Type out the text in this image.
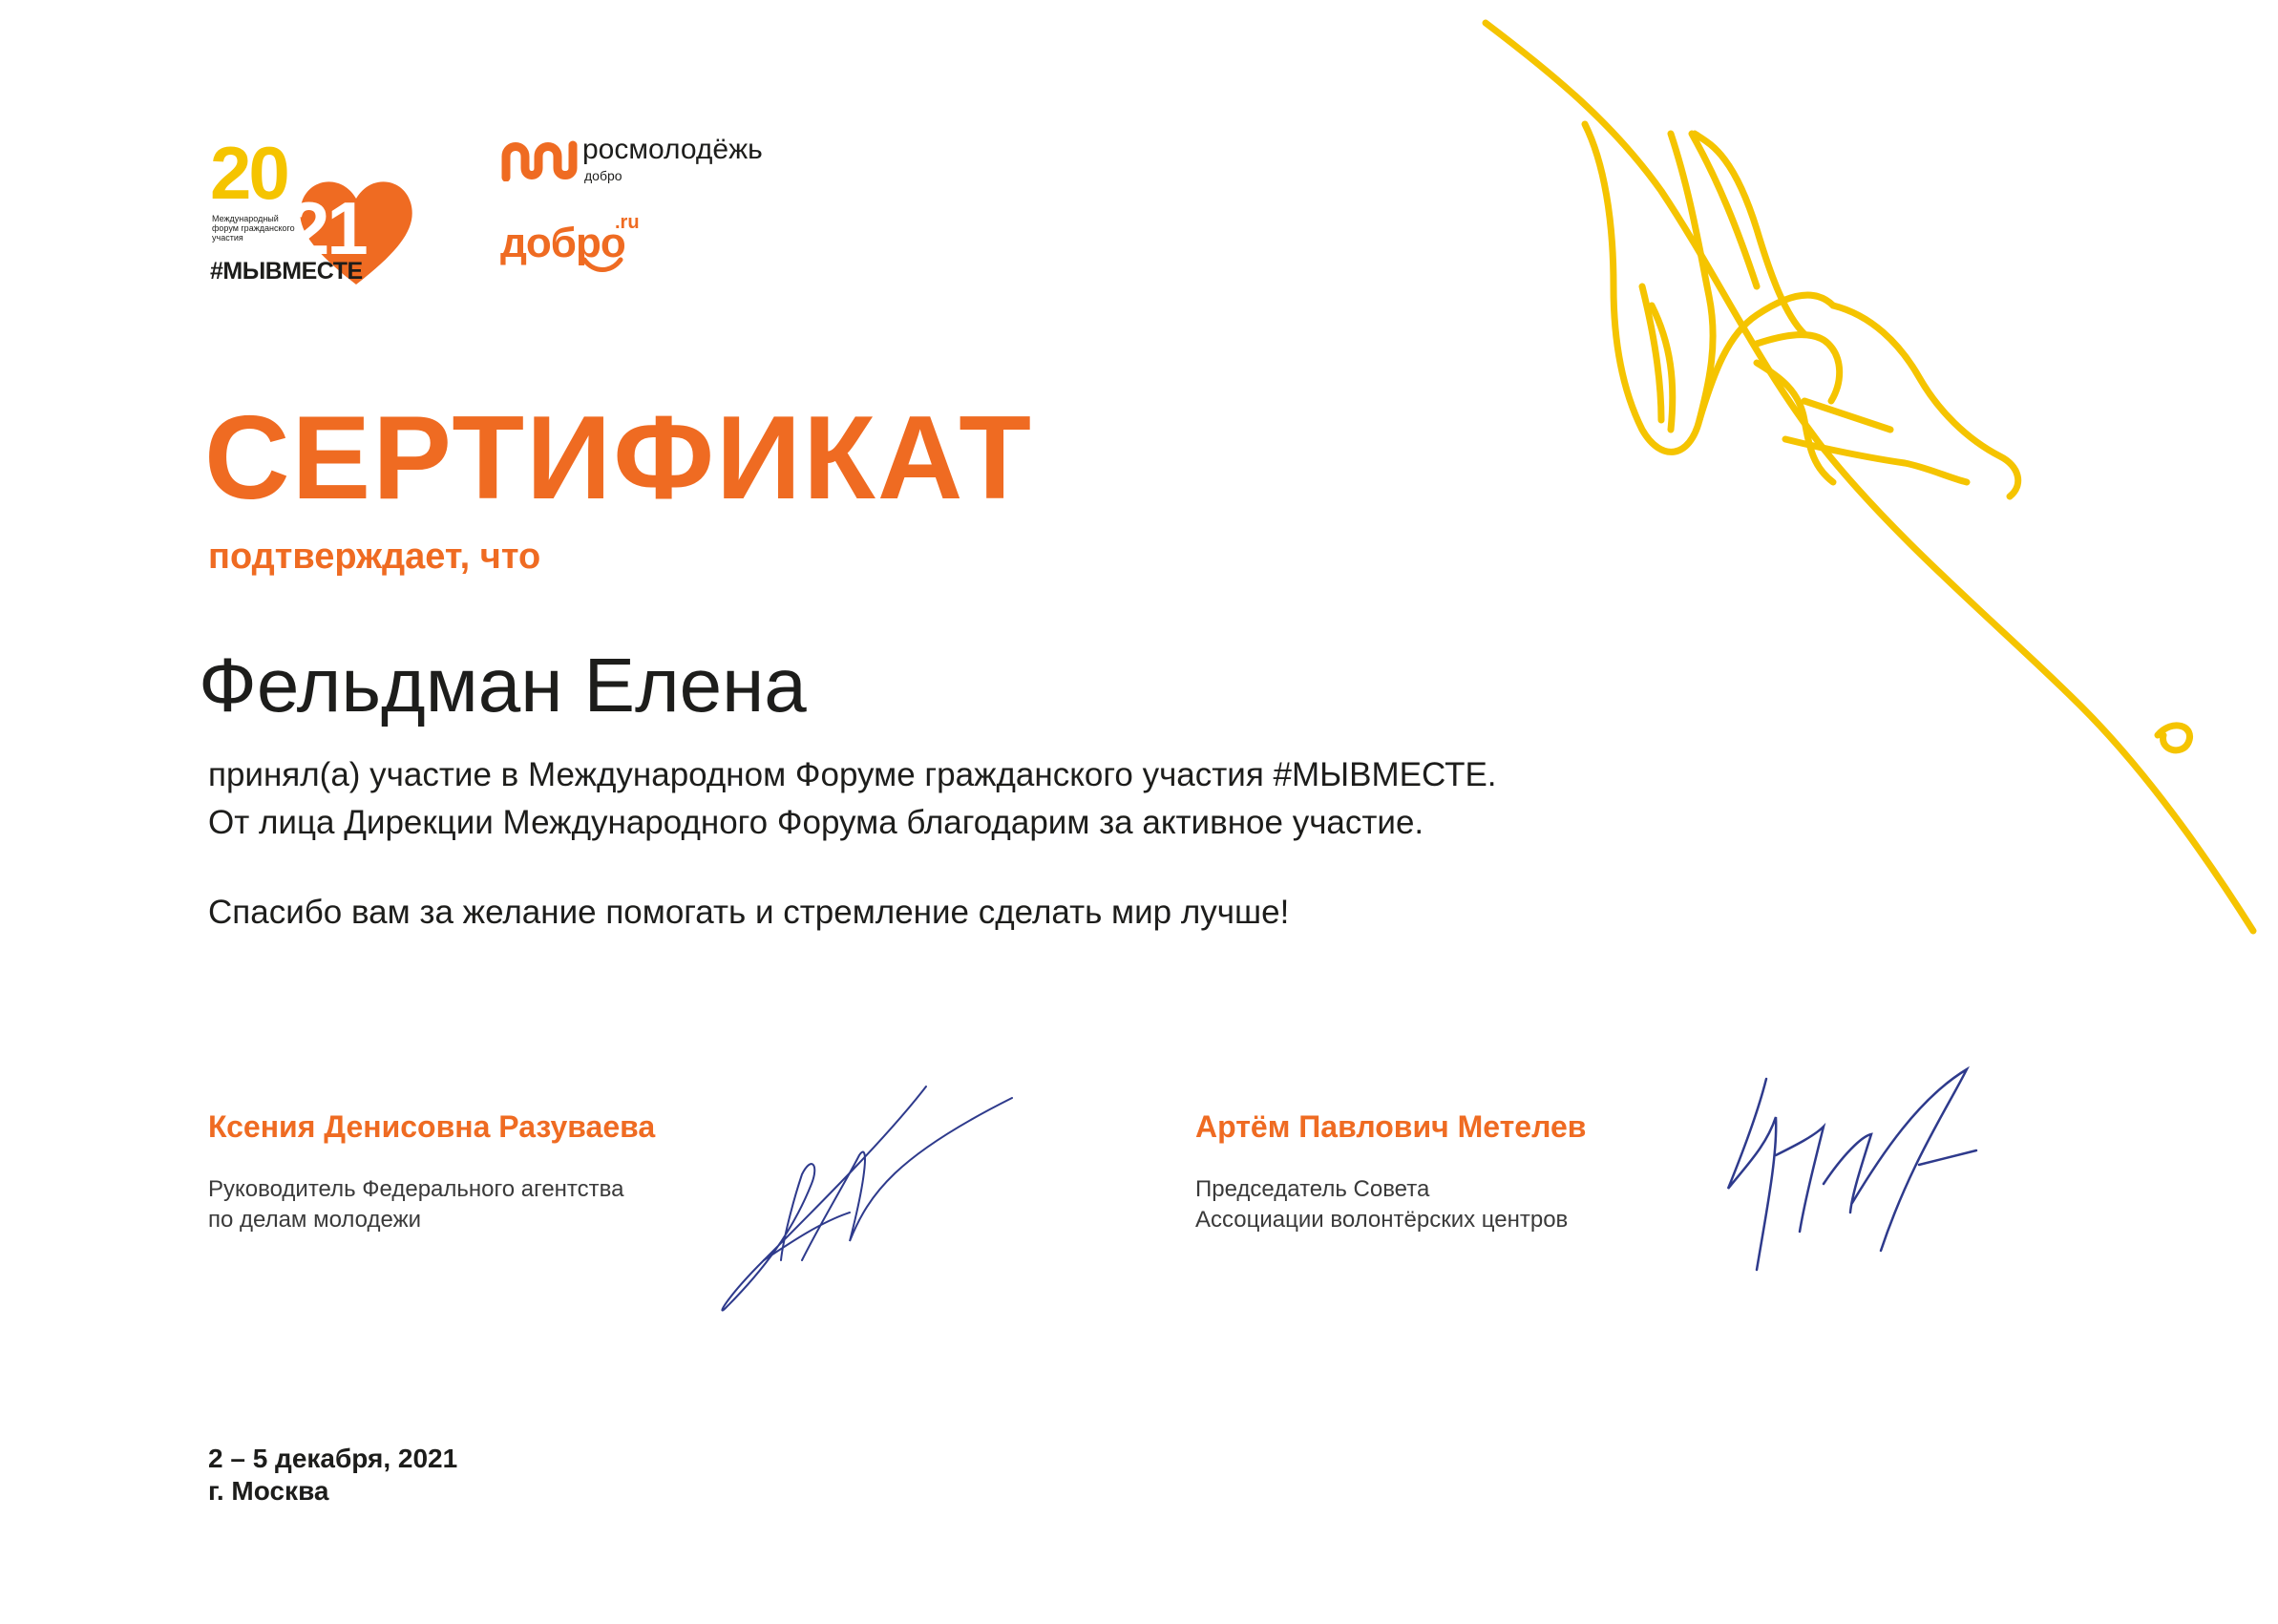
20
21
Международный форум гражданского участия
#МЫВМЕСТЕ
росмолодёжь
добро
добро
.ru
СЕРТИФИКАТ
подтверждает, что
Фельдман Елена
принял(а) участие в Международном Форуме гражданского участия #МЫВМЕСТЕ.
От лица Дирекции Международного Форума благодарим за активное участие.
Спасибо вам за желание помогать и стремление сделать мир лучше!
Ксения Денисовна Разуваева
Руководитель Федерального агентства
по делам молодежи
Артём Павлович Метелев
Председатель Совета
Ассоциации волонтёрских центров
2 – 5 декабря, 2021
г. Москва
